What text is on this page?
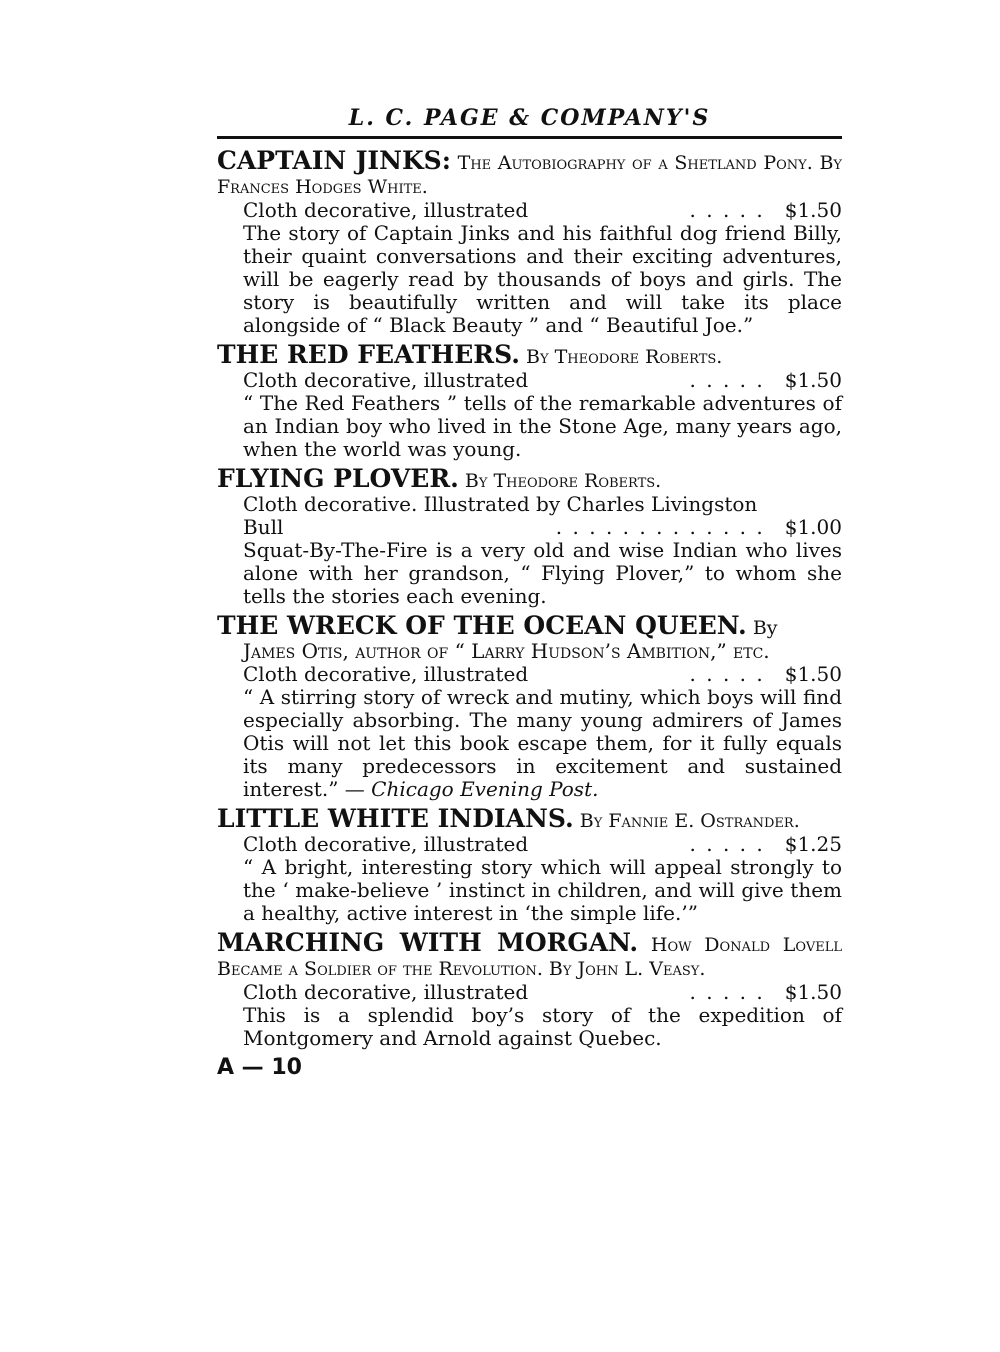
L. C. PAGE & COMPANY'S
CAPTAIN JINKS: The Autobiography of a Shetland Pony. By Frances Hodges White.
Cloth decorative, illustrated	. . . . .	$1.50
The story of Captain Jinks and his faithful dog friend Billy, their quaint conversations and their exciting adventures, will be eagerly read by thousands of boys and girls. The story is beautifully written and will take its place alongside of “ Black Beauty ” and “ Beautiful Joe.”
THE RED FEATHERS. By Theodore Roberts.
Cloth decorative, illustrated	. . . . .	$1.50
“ The Red Feathers ” tells of the remarkable adventures of an Indian boy who lived in the Stone Age, many years ago, when the world was young.
FLYING PLOVER. By Theodore Roberts.
Cloth decorative. Illustrated by Charles Livingston
Bull	. . . . . . . . . . . . .	$1.00
Squat-By-The-Fire is a very old and wise Indian who lives alone with her grandson, “ Flying Plover,” to whom she tells the stories each evening.
THE WRECK OF THE OCEAN QUEEN. By
James Otis, author of “ Larry Hudson’s Ambition,” etc.
Cloth decorative, illustrated	. . . . .	$1.50
“ A stirring story of wreck and mutiny, which boys will find especially absorbing. The many young admirers of James Otis will not let this book escape them, for it fully equals its many predecessors in excitement and sustained interest.” — Chicago Evening Post.
LITTLE WHITE INDIANS. By Fannie E. Ostrander.
Cloth decorative, illustrated	. . . . .	$1.25
“ A bright, interesting story which will appeal strongly to the ‘ make-believe ’ instinct in children, and will give them a healthy, active interest in ‘the simple life.’”
MARCHING WITH MORGAN. How Donald Lovell Became a Soldier of the Revolution. By John L. Veasy.
Cloth decorative, illustrated	. . . . .	$1.50
This is a splendid boy’s story of the expedition of Montgomery and Arnold against Quebec.
A — 10
